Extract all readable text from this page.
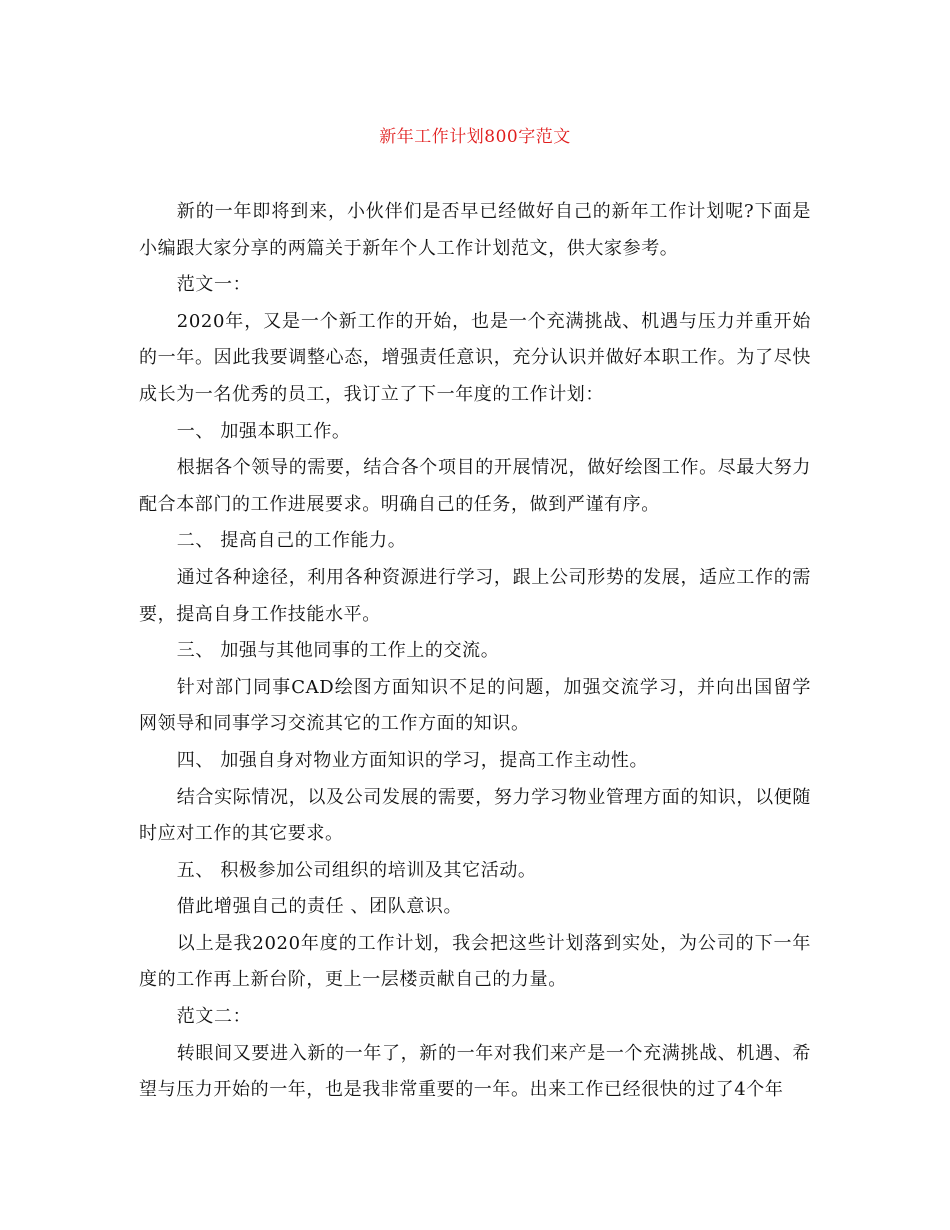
新年工作计划800字范文

新的一年即将到来，小伙伴们是否早已经做好自己的新年工作计划呢?下面是小编跟大家分享的两篇关于新年个人工作计划范文，供大家参考。

范文一：

2020年，又是一个新工作的开始，也是一个充满挑战、机遇与压力并重开始的一年。因此我要调整心态，增强责任意识，充分认识并做好本职工作。为了尽快成长为一名优秀的员工，我订立了下一年度的工作计划：

一、 加强本职工作。

根据各个领导的需要，结合各个项目的开展情况，做好绘图工作。尽最大努力配合本部门的工作进展要求。明确自己的任务，做到严谨有序。

二、 提高自己的工作能力。

通过各种途径，利用各种资源进行学习，跟上公司形势的发展，适应工作的需要，提高自身工作技能水平。

三、 加强与其他同事的工作上的交流。

针对部门同事CAD绘图方面知识不足的问题，加强交流学习，并向出国留学网领导和同事学习交流其它的工作方面的知识。

四、 加强自身对物业方面知识的学习，提高工作主动性。

结合实际情况，以及公司发展的需要，努力学习物业管理方面的知识，以便随时应对工作的其它要求。

五、 积极参加公司组织的培训及其它活动。

借此增强自己的责任 、团队意识。

以上是我2020年度的工作计划，我会把这些计划落到实处，为公司的下一年度的工作再上新台阶，更上一层楼贡献自己的力量。

范文二：

转眼间又要进入新的一年了，新的一年对我们来产是一个充满挑战、机遇、希望与压力开始的一年，也是我非常重要的一年。出来工作已经很快的过了4个年
